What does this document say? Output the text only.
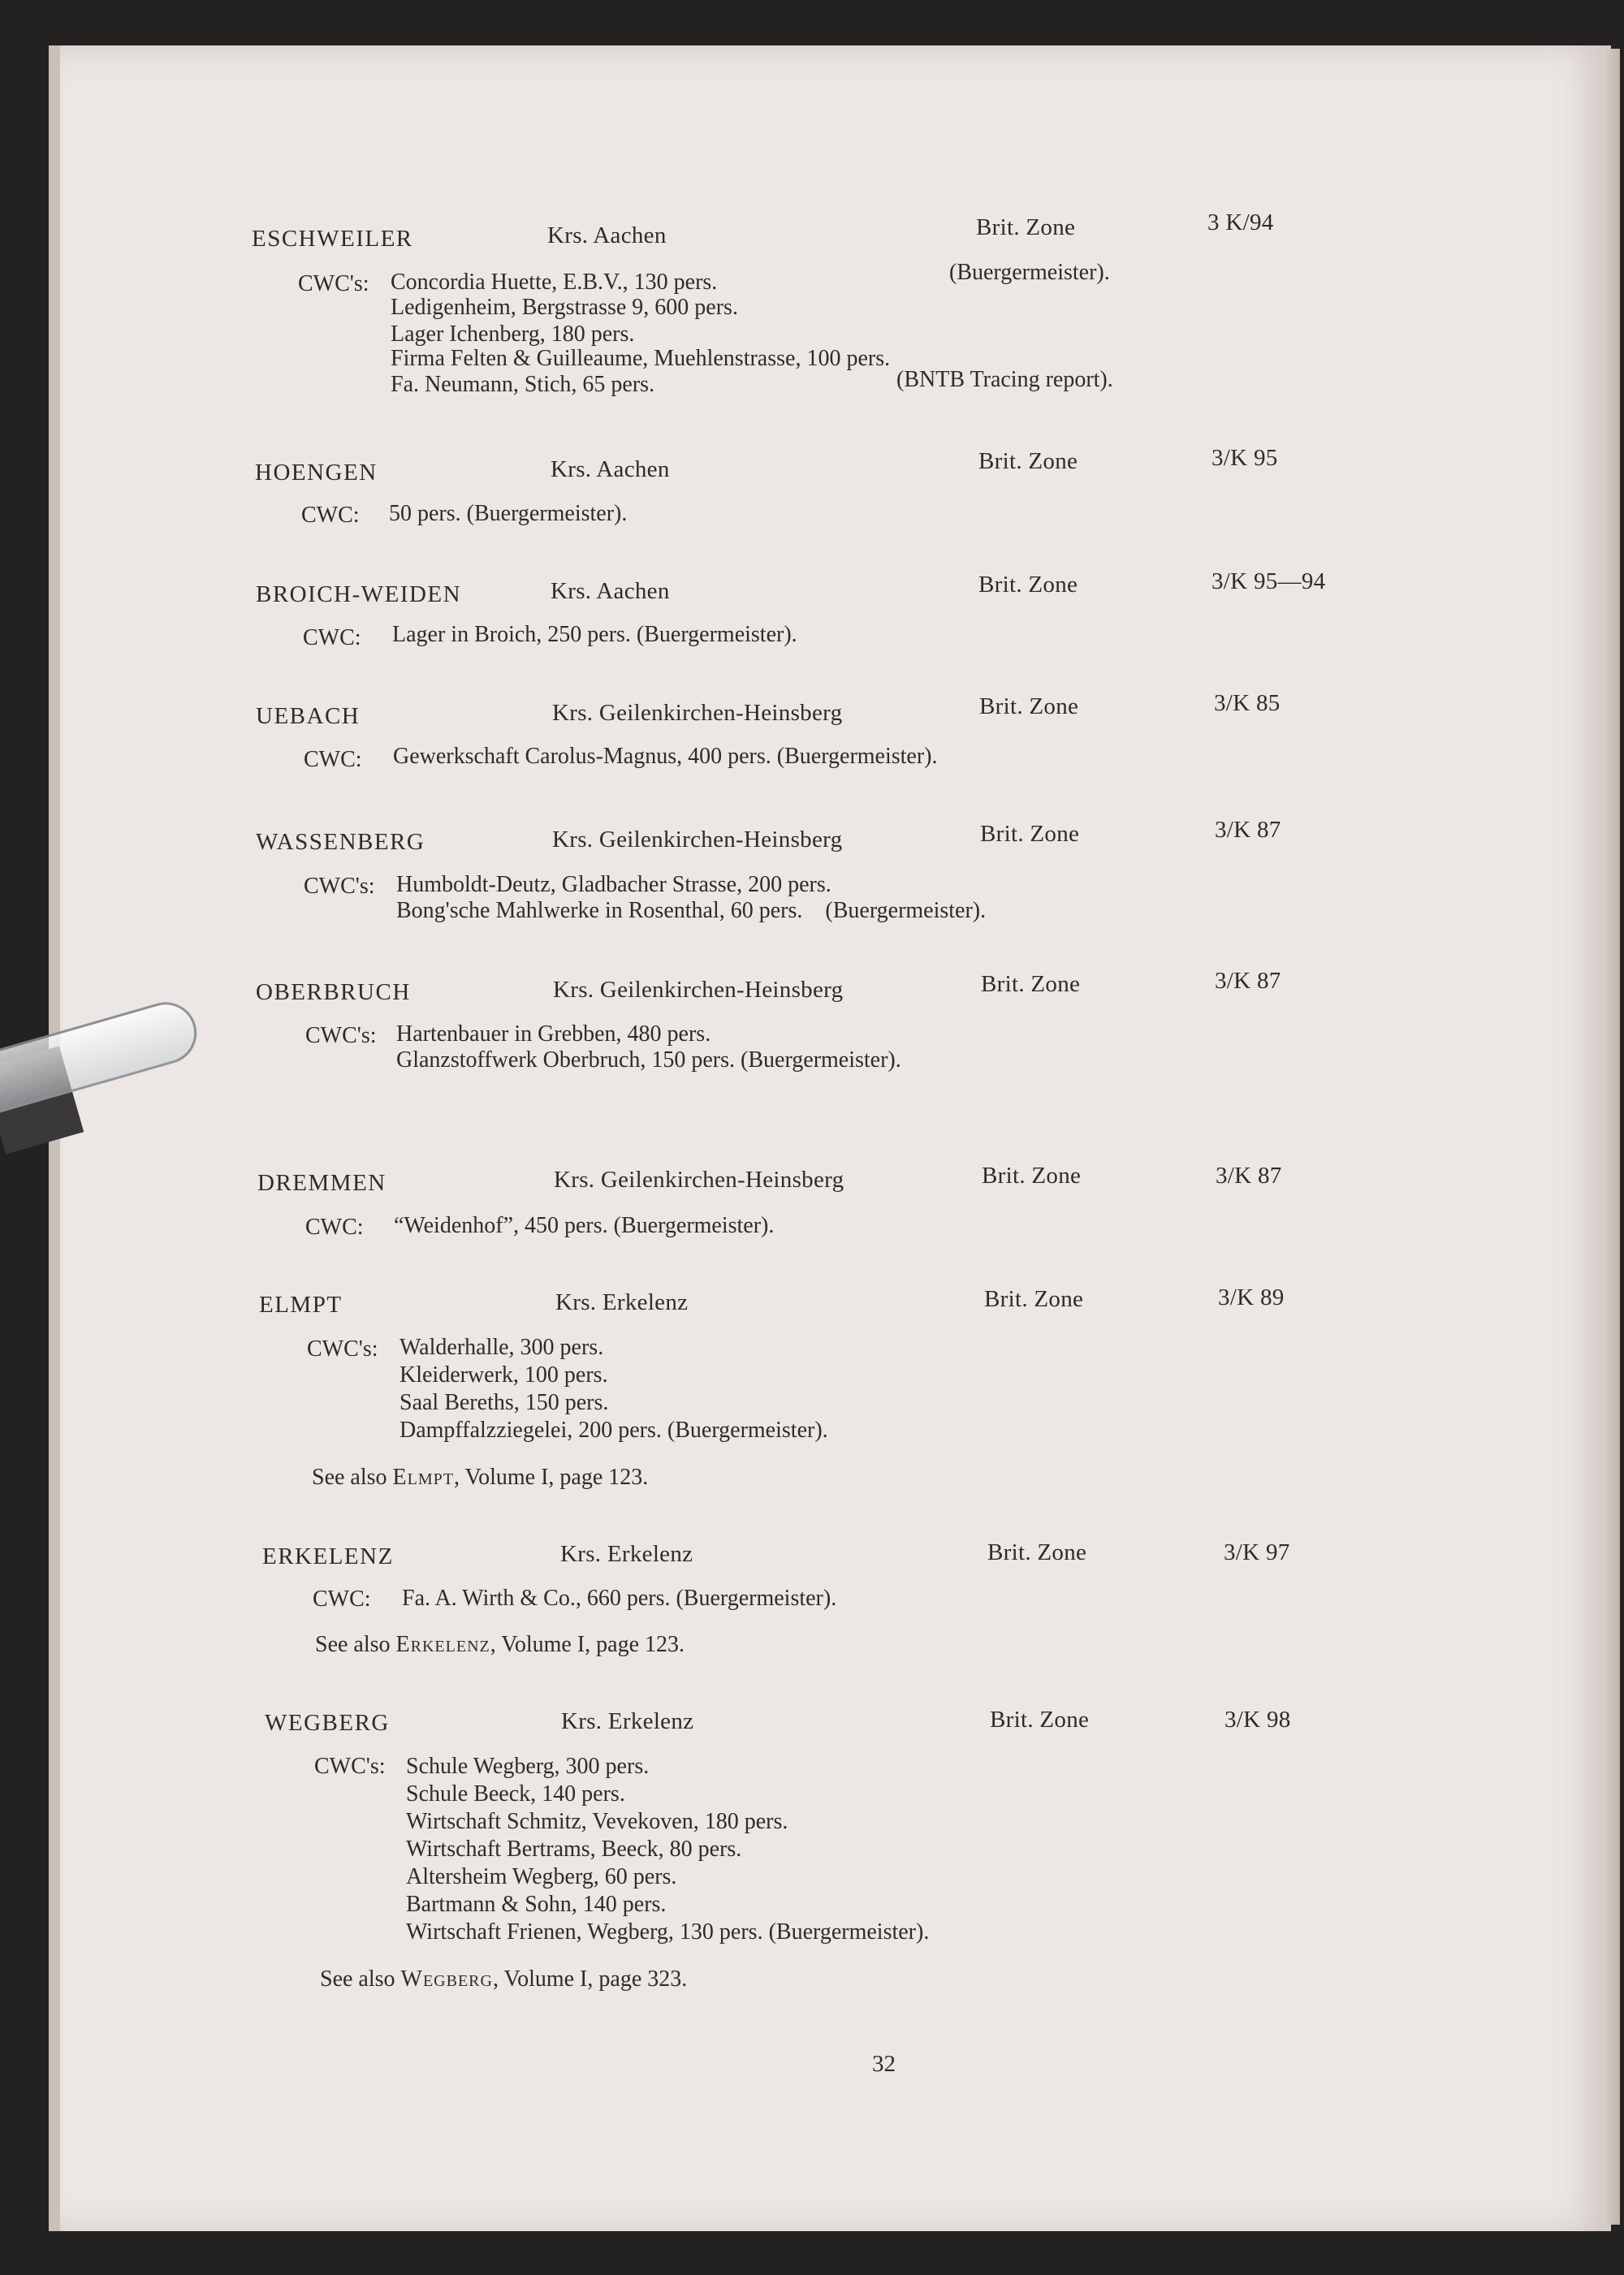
ESCHWEILER	Krs. Aachen	Brit. Zone	3 K/94
CWC's: Concordia Huette, E.B.V., 130 pers.	(Buergermeister).
Ledigenheim, Bergstrasse 9, 600 pers.
Lager Ichenberg, 180 pers.
Firma Felten & Guilleaume, Muehlenstrasse, 100 pers.
Fa. Neumann, Stich, 65 pers.	(BNTB Tracing report).
HOENGEN	Krs. Aachen	Brit. Zone	3/K 95
CWC: 50 pers. (Buergermeister).
BROICH-WEIDEN	Krs. Aachen	Brit. Zone	3/K 95—94
CWC: Lager in Broich, 250 pers. (Buergermeister).
UEBACH	Krs. Geilenkirchen-Heinsberg	Brit. Zone	3/K 85
CWC: Gewerkschaft Carolus-Magnus, 400 pers. (Buergermeister).
WASSENBERG	Krs. Geilenkirchen-Heinsberg	Brit. Zone	3/K 87
CWC's: Humboldt-Deutz, Gladbacher Strasse, 200 pers.
Bong'sche Mahlwerke in Rosenthal, 60 pers.    (Buergermeister).
OBERBRUCH	Krs. Geilenkirchen-Heinsberg	Brit. Zone	3/K 87
CWC's: Hartenbauer in Grebben, 480 pers.
Glanzstoffwerk Oberbruch, 150 pers. (Buergermeister).
DREMMEN	Krs. Geilenkirchen-Heinsberg	Brit. Zone	3/K 87
CWC: “Weidenhof”, 450 pers. (Buergermeister).
ELMPT	Krs. Erkelenz	Brit. Zone	3/K 89
CWC's: Walderhalle, 300 pers.
Kleiderwerk, 100 pers.
Saal Bereths, 150 pers.
Dampffalzziegelei, 200 pers. (Buergermeister).
See also Elmpt, Volume I, page 123.
ERKELENZ	Krs. Erkelenz	Brit. Zone	3/K 97
CWC: Fa. A. Wirth & Co., 660 pers. (Buergermeister).
See also Erkelenz, Volume I, page 123.
WEGBERG	Krs. Erkelenz	Brit. Zone	3/K 98
CWC's: Schule Wegberg, 300 pers.
Schule Beeck, 140 pers.
Wirtschaft Schmitz, Vevekoven, 180 pers.
Wirtschaft Bertrams, Beeck, 80 pers.
Altersheim Wegberg, 60 pers.
Bartmann & Sohn, 140 pers.
Wirtschaft Frienen, Wegberg, 130 pers. (Buergermeister).
See also Wegberg, Volume I, page 323.
32
